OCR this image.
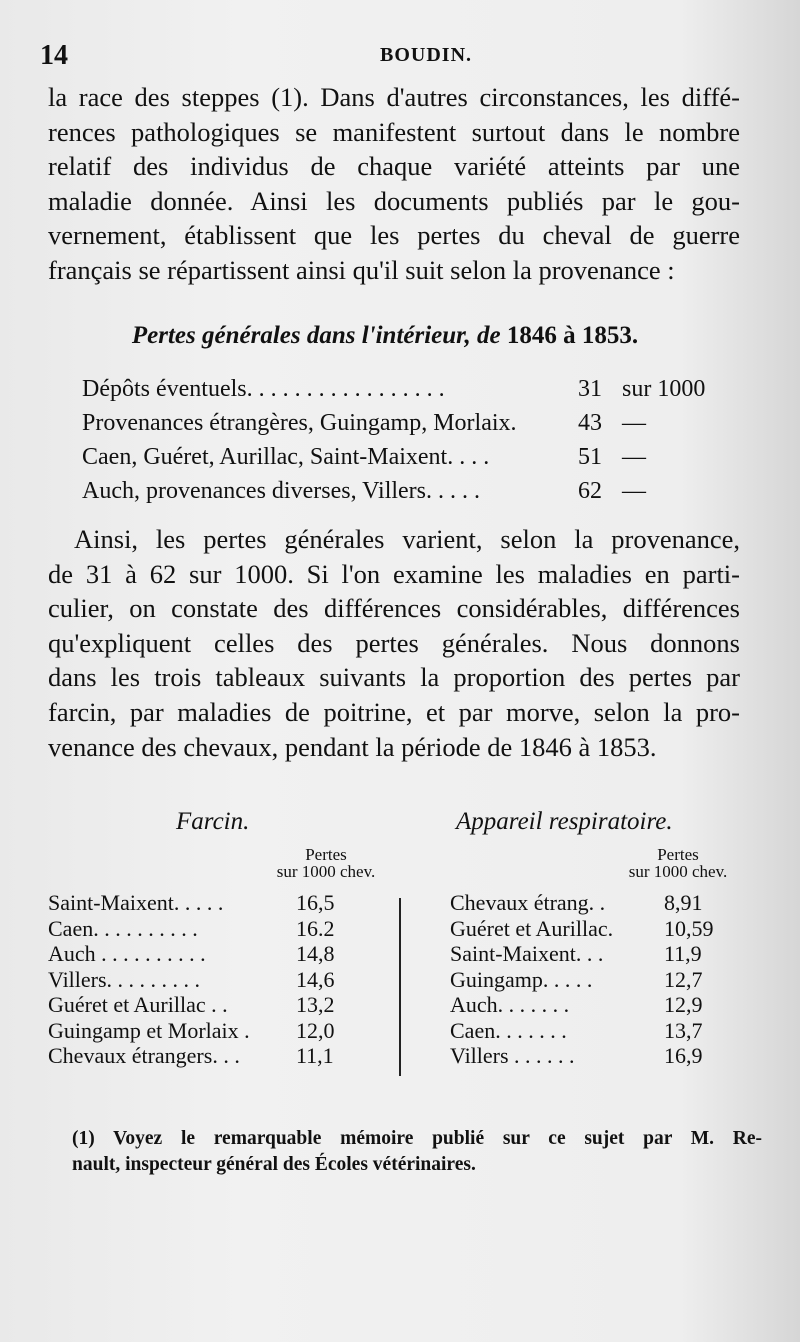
14	BOUDIN.
la race des steppes (1). Dans d'autres circonstances, les diffé-
rences pathologiques se manifestent surtout dans le nombre
relatif des individus de chaque variété atteints par une
maladie donnée. Ainsi les documents publiés par le gou-
vernement, établissent que les pertes du cheval de guerre
français se répartissent ainsi qu'il suit selon la provenance :
Pertes générales dans l'intérieur, de 1846 à 1853.
Dépôts éventuels. . . . . . . . . . . . . . . . .	31 sur 1000
Provenances étrangères, Guingamp, Morlaix.	43 —
Caen, Guéret, Aurillac, Saint-Maixent. . . .	51 —
Auch, provenances diverses, Villers. . . . .	62 —
Ainsi, les pertes générales varient, selon la provenance,
de 31 à 62 sur 1000. Si l'on examine les maladies en parti-
culier, on constate des différences considérables, différences
qu'expliquent celles des pertes générales. Nous donnons
dans les trois tableaux suivants la proportion des pertes par
farcin, par maladies de poitrine, et par morve, selon la pro-
venance des chevaux, pendant la période de 1846 à 1853.
Farcin.	Appareil respiratoire.
Pertes
sur 1000 chev.
Pertes
sur 1000 chev.
Saint-Maixent. . . . .	16,5
Caen. . . . . . . . . .	16.2
Auch . . . . . . . . . .	14,8
Villers. . . . . . . . .	14,6
Guéret et Aurillac . .	13,2
Guingamp et Morlaix . 12,0
Chevaux étrangers. . .	11,1
Chevaux étrang. .	8,91
Guéret et Aurillac. 10,59
Saint-Maixent. . .	11,9
Guingamp. . . . .	12,7
Auch. . . . . . .	12,9
Caen. . . . . . .	13,7
Villers . . . . . .	16,9
(1) Voyez le remarquable mémoire publié sur ce sujet par M. Re-
nault, inspecteur général des Écoles vétérinaires.
